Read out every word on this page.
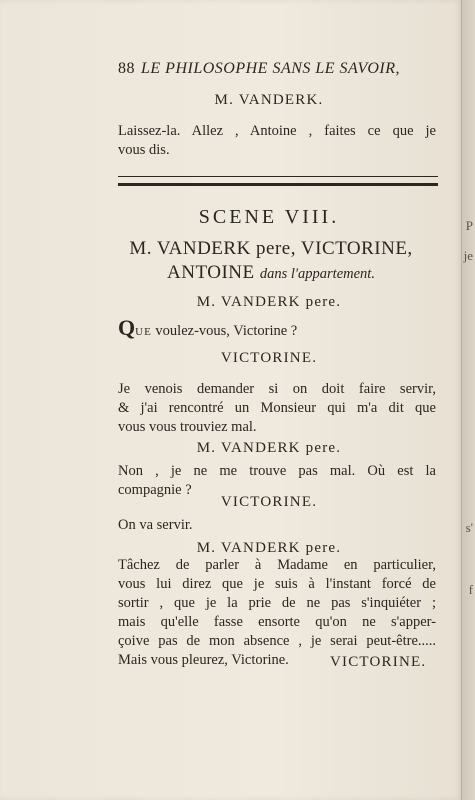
88 LE PHILOSOPHE SANS LE SAVOIR,
M. VANDERK.
Laissez-la. Allez , Antoine , faites ce que je
vous dis.
SCENE VIII.
M. VANDERK pere, VICTORINE,
ANTOINE dans l'appartement.
M. VANDERK pere.
QUE voulez-vous, Victorine ?
VICTORINE.
Je venois demander si on doit faire servir,
& j'ai rencontré un Monsieur qui m'a dit que
vous vous trouviez mal.
M. VANDERK pere.
Non , je ne me trouve pas mal. Où est la
compagnie ?
VICTORINE.
On va servir.
M. VANDERK pere.
Tâchez de parler à Madame en particulier,
vous lui direz que je suis à l'instant forcé de
sortir , que je la prie de ne pas s'inquiéter ;
mais qu'elle fasse ensorte qu'on ne s'apper-
çoive pas de mon absence , je serai peut-être.....
Mais vous pleurez, Victorine.	VICTORINE.
P
je
s'
f
